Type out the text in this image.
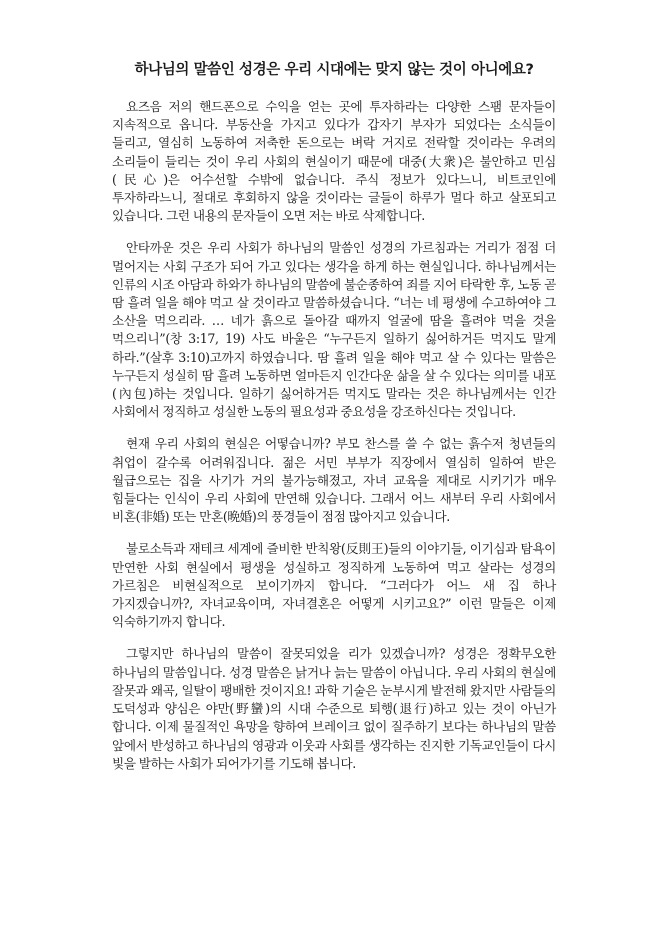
하나님의 말씀인 성경은 우리 시대에는 맞지 않는 것이 아니에요?

요즈음 저의 핸드폰으로 수익을 얻는 곳에 투자하라는 다양한 스팸 문자들이 지속적으로 옵니다. 부동산을 가지고 있다가 갑자기 부자가 되었다는 소식들이 들리고, 열심히 노동하여 저축한 돈으로는 벼락 거지로 전락할 것이라는 우려의 소리들이 들리는 것이 우리 사회의 현실이기 때문에 대중(大衆)은 불안하고 민심(民心)은 어수선할 수밖에 없습니다. 주식 정보가 있다느니, 비트코인에 투자하라느니, 절대로 후회하지 않을 것이라는 글들이 하루가 멀다 하고 살포되고 있습니다. 그런 내용의 문자들이 오면 저는 바로 삭제합니다.

안타까운 것은 우리 사회가 하나님의 말씀인 성경의 가르침과는 거리가 점점 더 멀어지는 사회 구조가 되어 가고 있다는 생각을 하게 하는 현실입니다. 하나님께서는 인류의 시조 아담과 하와가 하나님의 말씀에 불순종하여 죄를 지어 타락한 후, 노동 곧 땀 흘려 일을 해야 먹고 살 것이라고 말씀하셨습니다. “너는 네 평생에 수고하여야 그 소산을 먹으리라. … 네가 흙으로 돌아갈 때까지 얼굴에 땀을 흘려야 먹을 것을 먹으리니”(창 3:17, 19) 사도 바울은 “누구든지 일하기 싫어하거든 먹지도 말게 하라.”(살후 3:10)고까지 하였습니다. 땀 흘려 일을 해야 먹고 살 수 있다는 말씀은 누구든지 성실히 땀 흘려 노동하면 얼마든지 인간다운 삶을 살 수 있다는 의미를 내포(內包)하는 것입니다. 일하기 싫어하거든 먹지도 말라는 것은 하나님께서는 인간 사회에서 정직하고 성실한 노동의 필요성과 중요성을 강조하신다는 것입니다.

현재 우리 사회의 현실은 어떻습니까? 부모 찬스를 쓸 수 없는 흙수저 청년들의 취업이 갈수록 어려워집니다. 젊은 서민 부부가 직장에서 열심히 일하여 받은 월급으로는 집을 사기가 거의 불가능해졌고, 자녀 교육을 제대로 시키기가 매우 힘들다는 인식이 우리 사회에 만연해 있습니다. 그래서 어느 새부터 우리 사회에서 비혼(非婚) 또는 만혼(晩婚)의 풍경들이 점점 많아지고 있습니다.

불로소득과 재테크 세계에 즐비한 반칙왕(反則王)들의 이야기들, 이기심과 탐욕이 만연한 사회 현실에서 평생을 성실하고 정직하게 노동하여 먹고 살라는 성경의 가르침은 비현실적으로 보이기까지 합니다. “그러다가 어느 새 집 하나 가지겠습니까?, 자녀교육이며, 자녀결혼은 어떻게 시키고요?” 이런 말들은 이제 익숙하기까지 합니다.

그렇지만 하나님의 말씀이 잘못되었을 리가 있겠습니까? 성경은 정확무오한 하나님의 말씀입니다. 성경 말씀은 낡거나 늙는 말씀이 아닙니다. 우리 사회의 현실에 잘못과 왜곡, 일탈이 팽배한 것이지요! 과학 기술은 눈부시게 발전해 왔지만 사람들의 도덕성과 양심은 야만(野蠻)의 시대 수준으로 퇴행(退行)하고 있는 것이 아닌가 합니다. 이제 물질적인 욕망을 향하여 브레이크 없이 질주하기 보다는 하나님의 말씀 앞에서 반성하고 하나님의 영광과 이웃과 사회를 생각하는 진지한 기독교인들이 다시 빛을 발하는 사회가 되어가기를 기도해 봅니다.
